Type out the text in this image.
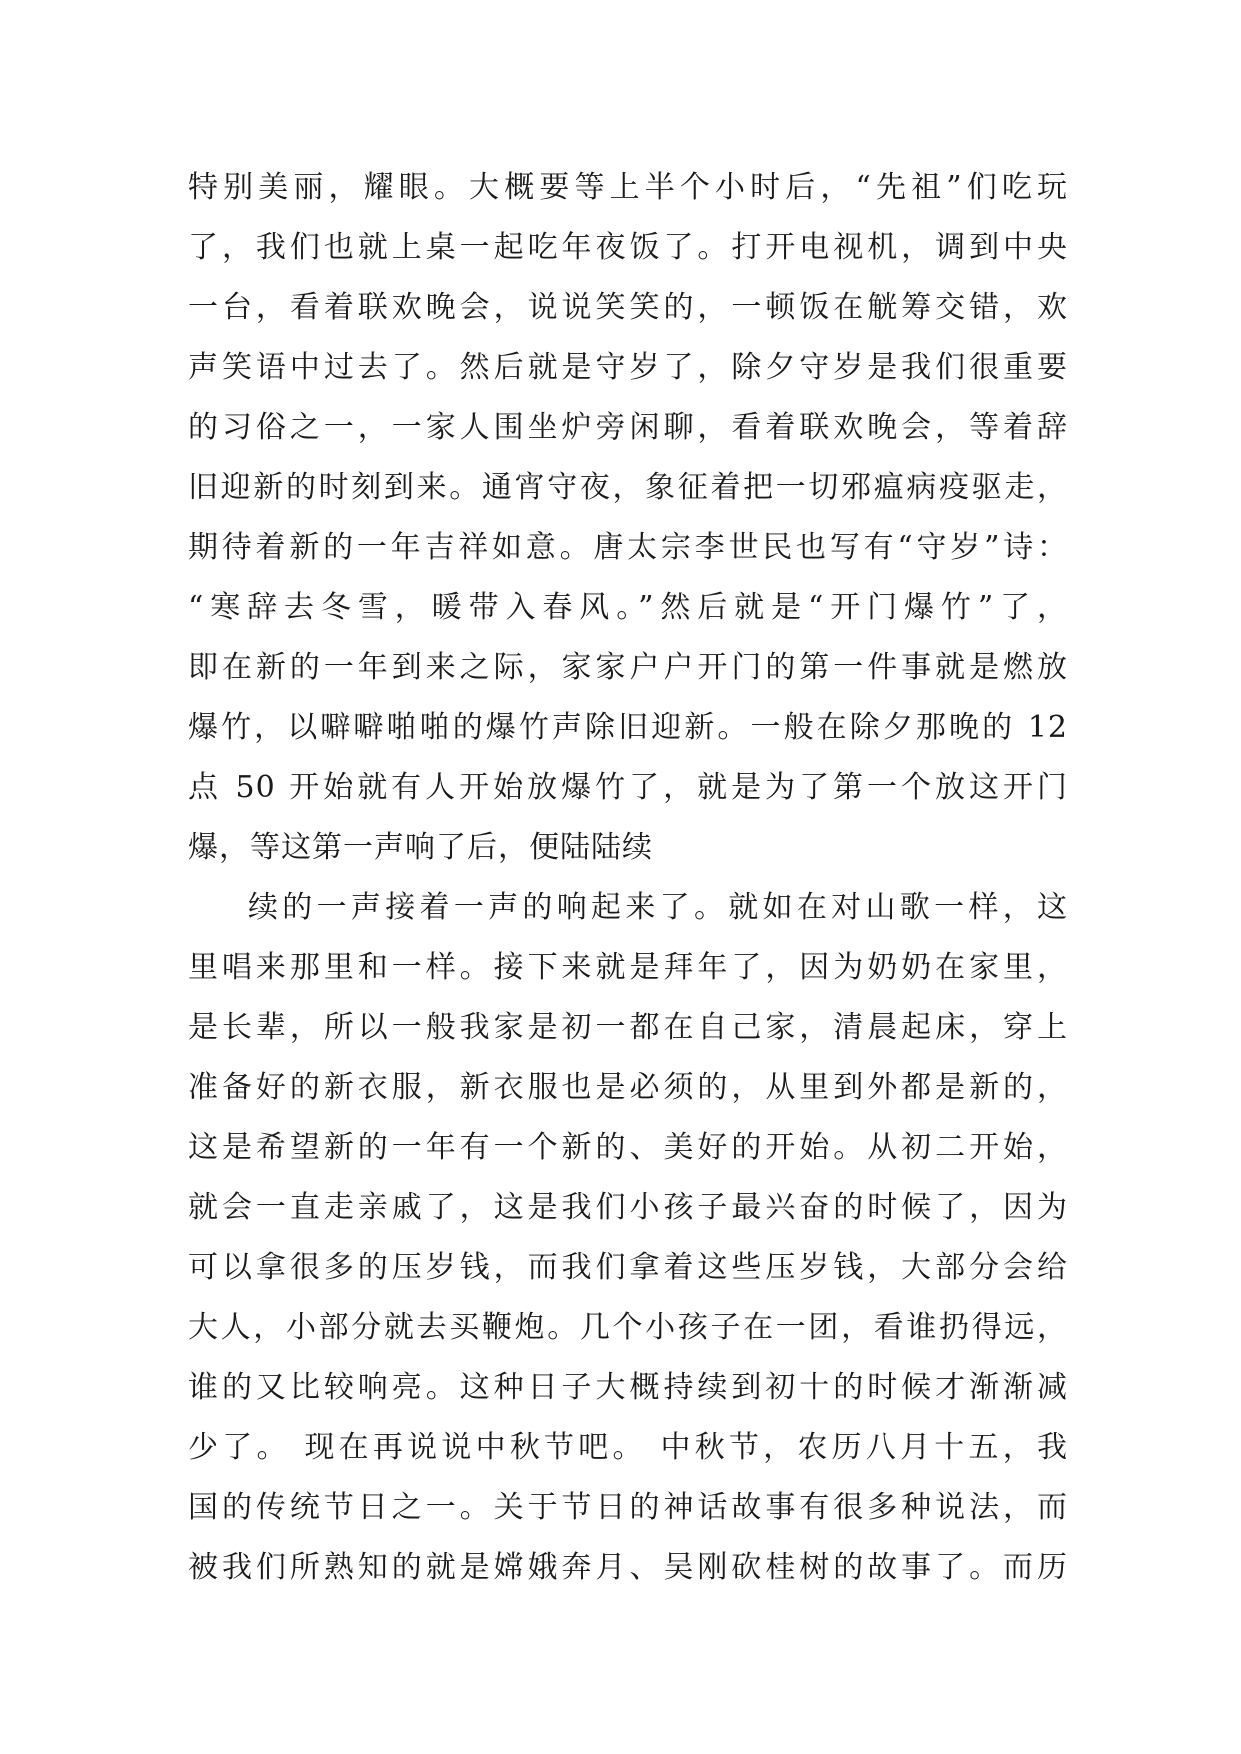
特别美丽，耀眼。大概要等上半个小时后，“先祖”们吃玩
了，我们也就上桌一起吃年夜饭了。打开电视机，调到中央
一台，看着联欢晚会，说说笑笑的，一顿饭在觥筹交错，欢
声笑语中过去了。然后就是守岁了，除夕守岁是我们很重要
的习俗之一，一家人围坐炉旁闲聊，看着联欢晚会，等着辞
旧迎新的时刻到来。通宵守夜，象征着把一切邪瘟病疫驱走，
期待着新的一年吉祥如意。唐太宗李世民也写有“守岁”诗：
“寒辞去冬雪，暖带入春风。”然后就是“开门爆竹”了，
即在新的一年到来之际，家家户户开门的第一件事就是燃放
爆竹，以噼噼啪啪的爆竹声除旧迎新。一般在除夕那晚的 12
点 50 开始就有人开始放爆竹了，就是为了第一个放这开门
爆，等这第一声响了后，便陆陆续
续的一声接着一声的响起来了。就如在对山歌一样，这
里唱来那里和一样。接下来就是拜年了，因为奶奶在家里，
是长辈，所以一般我家是初一都在自己家，清晨起床，穿上
准备好的新衣服，新衣服也是必须的，从里到外都是新的，
这是希望新的一年有一个新的、美好的开始。从初二开始，
就会一直走亲戚了，这是我们小孩子最兴奋的时候了，因为
可以拿很多的压岁钱，而我们拿着这些压岁钱，大部分会给
大人，小部分就去买鞭炮。几个小孩子在一团，看谁扔得远，
谁的又比较响亮。这种日子大概持续到初十的时候才渐渐减
少了。 现在再说说中秋节吧。 中秋节，农历八月十五，我
国的传统节日之一。关于节日的神话故事有很多种说法，而
被我们所熟知的就是嫦娥奔月、吴刚砍桂树的故事了。而历
